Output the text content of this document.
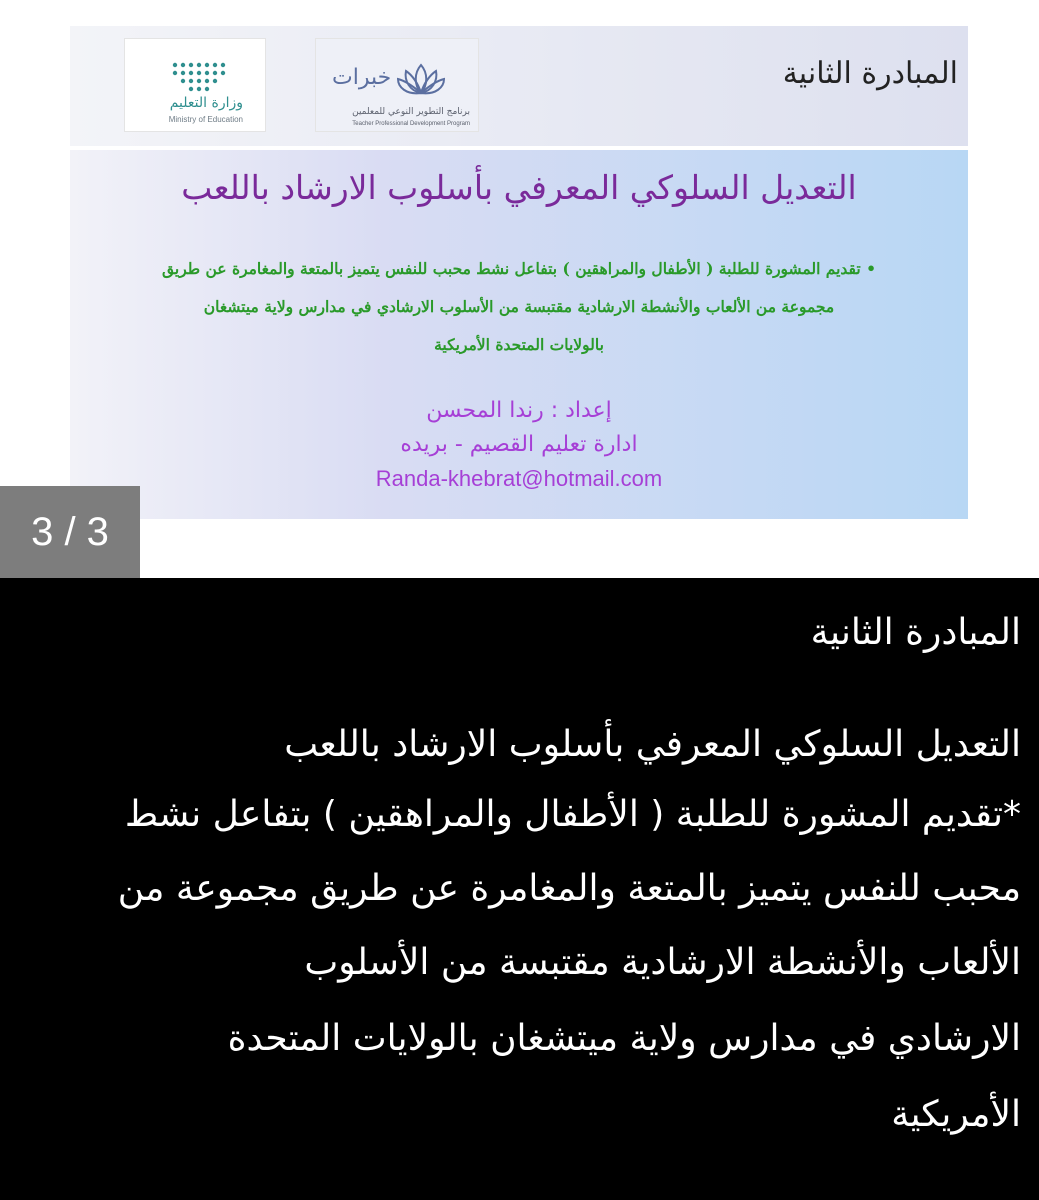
وزارة التعليم
Ministry of Education
خبرات
برنامج التطوير النوعي للمعلمين
Teacher Professional Development Program
المبادرة الثانية
التعديل السلوكي المعرفي بأسلوب الارشاد باللعب
• تقديم المشورة للطلبة ( الأطفال والمراهقين ) بتفاعل نشط محبب للنفس يتميز بالمتعة والمغامرة عن طريق
مجموعة من الألعاب والأنشطة الارشادية مقتبسة من الأسلوب الارشادي في مدارس ولاية ميتشغان
بالولايات المتحدة الأمريكية
إعداد : رندا المحسن
ادارة تعليم القصيم - بريده
Randa-khebrat@hotmail.com
3 / 3
المبادرة الثانية
التعديل السلوكي المعرفي بأسلوب الارشاد باللعب
*تقديم المشورة للطلبة ( الأطفال والمراهقين ) بتفاعل نشط
محبب للنفس يتميز بالمتعة والمغامرة عن طريق مجموعة من
الألعاب والأنشطة الارشادية مقتبسة من الأسلوب
الارشادي في مدارس ولاية ميتشغان بالولايات المتحدة
الأمريكية
